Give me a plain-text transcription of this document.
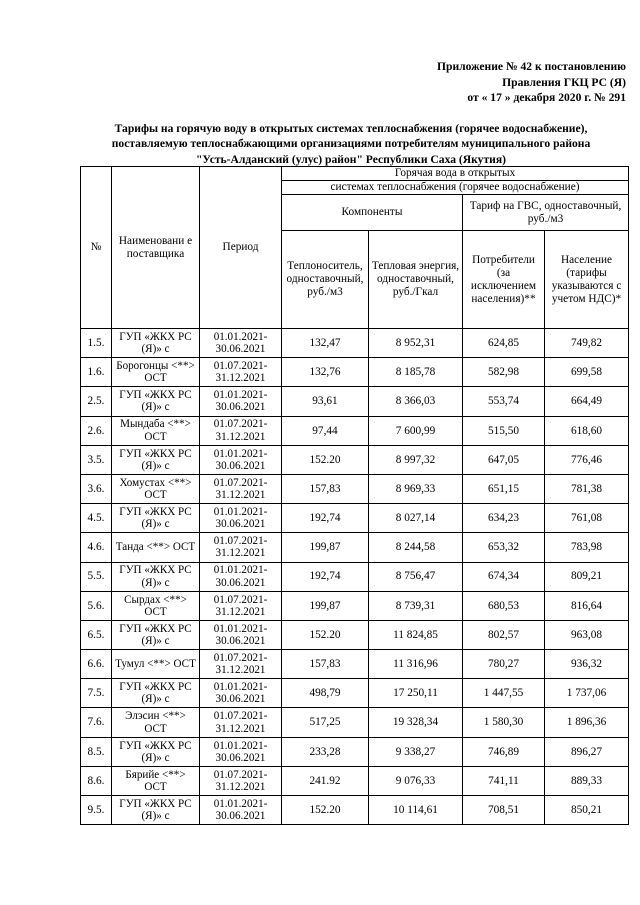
Приложение № 42 к постановлению
Правления ГКЦ РС (Я)
от « 17 » декабря 2020 г. № 291
Тарифы на горячую воду в открытых системах теплоснабжения (горячее водоснабжение),
поставляемую теплоснабжающими организациями потребителям муниципального района
"Усть-Алданский (улус) район" Республики Саха (Якутия)
№	Наименовани е поставщика	Период	Горячая вода в открытых			
			системах теплоснабжения (горячее водоснабжение)			
			Компоненты		Тариф на ГВС, одноставочный, руб./м3	
			Теплоноситель, одноставочный, руб./м3	Тепловая энергия, одноставочный, руб./Гкал	Потребители (за исключением населения)**	Население (тарифы указываются с учетом НДС)*
1.5.	ГУП «ЖКХ РС (Я)» с	01.01.2021- 30.06.2021	132,47	8 952,31	624,85	749,82
1.6.	Борогонцы <**> ОСТ	01.07.2021- 31.12.2021	132,76	8 185,78	582,98	699,58
2.5.	ГУП «ЖКХ РС (Я)» с	01.01.2021- 30.06.2021	93,61	8 366,03	553,74	664,49
2.6.	Мындаба <**> ОСТ	01.07.2021- 31.12.2021	97,44	7 600,99	515,50	618,60
3.5.	ГУП «ЖКХ РС (Я)» с	01.01.2021- 30.06.2021	152.20	8 997,32	647,05	776,46
3.6.	Хомустах <**> ОСТ	01.07.2021- 31.12.2021	157,83	8 969,33	651,15	781,38
4.5.	ГУП «ЖКХ РС (Я)» с	01.01.2021- 30.06.2021	192,74	8 027,14	634,23	761,08
4.6.	Танда <**> ОСТ	01.07.2021- 31.12.2021	199,87	8 244,58	653,32	783,98
5.5.	ГУП «ЖКХ РС (Я)» с	01.01.2021- 30.06.2021	192,74	8 756,47	674,34	809,21
5.6.	Сырдах <**> ОСТ	01.07.2021- 31.12.2021	199,87	8 739,31	680,53	816,64
6.5.	ГУП «ЖКХ РС (Я)» с	01.01.2021- 30.06.2021	152.20	11 824,85	802,57	963,08
6.6.	Тумул <**> ОСТ	01.07.2021- 31.12.2021	157,83	11 316,96	780,27	936,32
7.5.	ГУП «ЖКХ РС (Я)» с	01.01.2021- 30.06.2021	498,79	17 250,11	1 447,55	1 737,06
7.6.	Элэсин <**> ОСТ	01.07.2021- 31.12.2021	517,25	19 328,34	1 580,30	1 896,36
8.5.	ГУП «ЖКХ РС (Я)» с	01.01.2021- 30.06.2021	233,28	9 338,27	746,89	896,27
8.6.	Бярийе <**> ОСТ	01.07.2021- 31.12.2021	241.92	9 076,33	741,11	889,33
9.5.	ГУП «ЖКХ РС (Я)» с	01.01.2021- 30.06.2021	152.20	10 114,61	708,51	850,21
